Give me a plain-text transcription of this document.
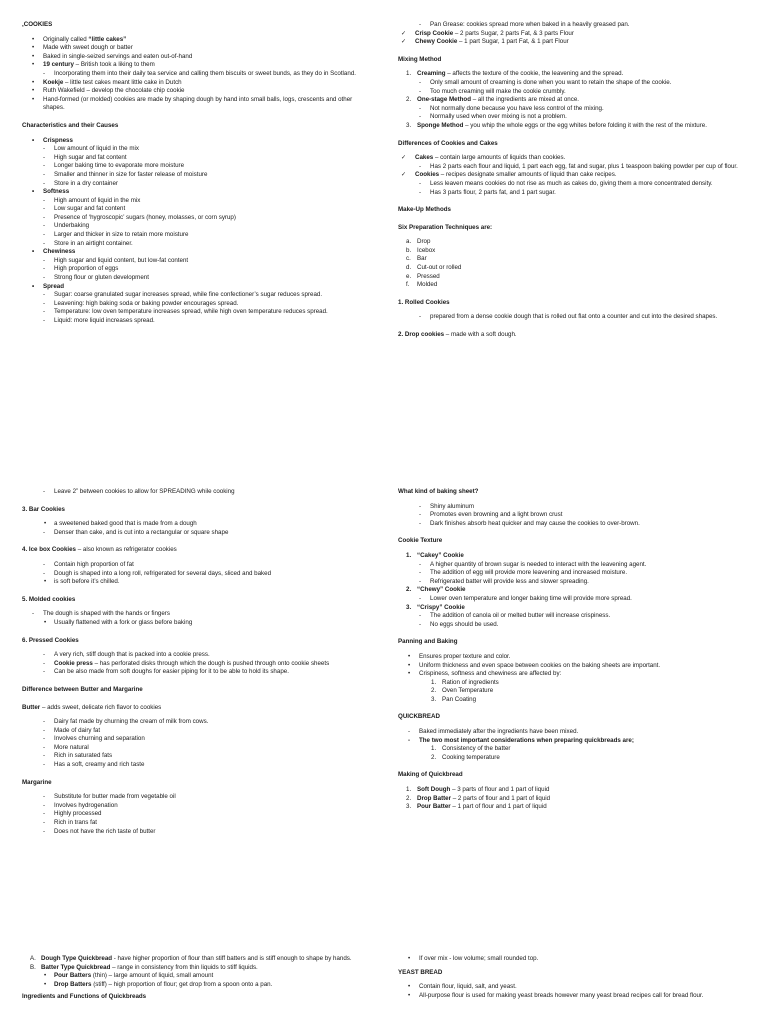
,COOKIES

• Originally called “little cakes”
• Made with sweet dough or batter
• Baked in single-seized servings and eaten out-of-hand
• 19 century – British took a liking to them
- Incorporating them into their daily tea service and calling them biscuits or sweet bunds, as they do in Scotland.
• Koekje – little test cakes meant little cake in Dutch
• Ruth Wakefield – develop the chocolate chip cookie
• Hand-formed (or molded) cookies are made by shaping dough by hand into small balls, logs, crescents and other shapes.

Characteristics and their Causes

• Crispness
- Low amount of liquid in the mix
- High sugar and fat content
- Longer baking time to evaporate more moisture
- Smaller and thinner in size for faster release of moisture
- Store in a dry container
• Softness
- High amount of liquid in the mix
- Low sugar and fat content
- Presence of ‘hygroscopic’ sugars (honey, molasses, or corn syrup)
- Underbaking
- Larger and thicker in size to retain more moisture
- Store in an airtight container.
• Chewiness
- High sugar and liquid content, but low-fat content
- High proportion of eggs
- Strong flour or gluten development
• Spread
- Sugar: coarse granulated sugar increases spread, while fine confectioner’s sugar reduces spread.
- Leavening: high baking soda or baking powder encourages spread.
- Temperature: low oven temperature increases spread, while high oven temperature reduces spread.
- Liquid: more liquid increases spread.
- Pan Grease: cookies spread more when baked in a heavily greased pan.
✓ Crisp Cookie – 2 parts Sugar, 2 parts Fat, & 3 parts Flour
✓ Chewy Cookie – 1 part Sugar, 1 part Fat, & 1 part Flour

Mixing Method

1. Creaming – affects the texture of the cookie, the leavening and the spread.
- Only small amount of creaming is done when you want to retain the shape of the cookie.
- Too much creaming will make the cookie crumbly.
2. One-stage Method – all the ingredients are mixed at once.
- Not normally done because you have less control of the mixing.
- Normally used when over mixing is not a problem.
3. Sponge Method – you whip the whole eggs or the egg whites before folding it with the rest of the mixture.

Differences of Cookies and Cakes

✓ Cakes – contain large amounts of liquids than cookies.
- Has 2 parts each flour and liquid, 1 part each egg, fat and sugar, plus 1 teaspoon baking powder per cup of flour.
✓ Cookies – recipes designate smaller amounts of liquid than cake recipes.
- Less leaven means cookies do not rise as much as cakes do, giving them a more concentrated density.
- Has 3 parts flour, 2 parts fat, and 1 part sugar.

Make-Up Methods

Six Preparation Techniques are:

a. Drop
b. Icebox
c. Bar
d. Cut-out or rolled
e. Pressed
f. Molded

1. Rolled Cookies

- prepared from a dense cookie dough that is rolled out flat onto a counter and cut into the desired shapes.

2. Drop cookies – made with a soft dough.

- Leave 2” between cookies to allow for SPREADING while cooking

3. Bar Cookies

• a sweetened baked good that is made from a dough
- Denser than cake, and is cut into a rectangular or square shape

4. Ice box Cookies – also known as refrigerator cookies

- Contain high proportion of fat
- Dough is shaped into a long roll, refrigerated for several days, sliced and baked
• is soft before it’s chilled.

5. Molded cookies

- The dough is shaped with the hands or fingers
• Usually flattened with a fork or glass before baking

6. Pressed Cookies

- A very rich, stiff dough that is packed into a cookie press.
- Cookie press – has perforated disks through which the dough is pushed through onto cookie sheets
- Can be also made from soft doughs for easier piping for it to be able to hold its shape.

Difference between Butter and Margarine

Butter – adds sweet, delicate rich flavor to cookies

- Dairy fat made by churning the cream of milk from cows.
- Made of dairy fat
- Involves churning and separation
- More natural
- Rich in saturated fats
- Has a soft, creamy and rich taste

Margarine

- Substitute for butter made from vegetable oil
- Involves hydrogenation
- Highly processed
- Rich in trans fat
- Does not have the rich taste of butter

What kind of baking sheet?

- Shiny aluminum
- Promotes even browning and a light brown crust
- Dark finishes absorb heat quicker and may cause the cookies to over-brown.

Cookie Texture

1. “Cakey” Cookie
- A higher quantity of brown sugar is needed to interact with the leavening agent.
- The addition of egg will provide more leavening and increased moisture.
- Refrigerated batter will provide less and slower spreading.
2. “Chewy” Cookie
- Lower oven temperature and longer baking time will provide more spread.
3. “Crispy” Cookie
- The addition of canola oil or melted butter will increase crispiness.
- No eggs should be used.

Panning and Baking

• Ensures proper texture and color.
• Uniform thickness and even space between cookies on the baking sheets are important.
• Crispiness, softness and chewiness are affected by:
1. Ration of ingredients
2. Oven Temperature
3. Pan Coating

QUICKBREAD

- Baked immediately after the ingredients have been mixed.
- The two most important considerations when preparing quickbreads are;
1. Consistency of the batter
2. Cooking temperature

Making of Quickbread

1. Soft Dough – 3 parts of flour and 1 part of liquid
2. Drop Batter – 2 parts of flour and 1 part of liquid
3. Pour Batter – 1 part of flour and 1 part of liquid
A. Dough Type Quickbread - have higher proportion of flour than stiff batters and is stiff enough to shape by hands.
B. Batter Type Quickbread – range in consistency from thin liquids to stiff liquids.
• Pour Batters (thin) – large amount of liquid, small amount
• Drop Batters (stiff) – high proportion of flour; get drop from a spoon onto a pan.

Ingredients and Functions of Quickbreads

• If over mix - low volume; small rounded top.

YEAST BREAD

• Contain flour, liquid, salt, and yeast.
• All-purpose flour is used for making yeast breads however many yeast bread recipes call for bread flour.
